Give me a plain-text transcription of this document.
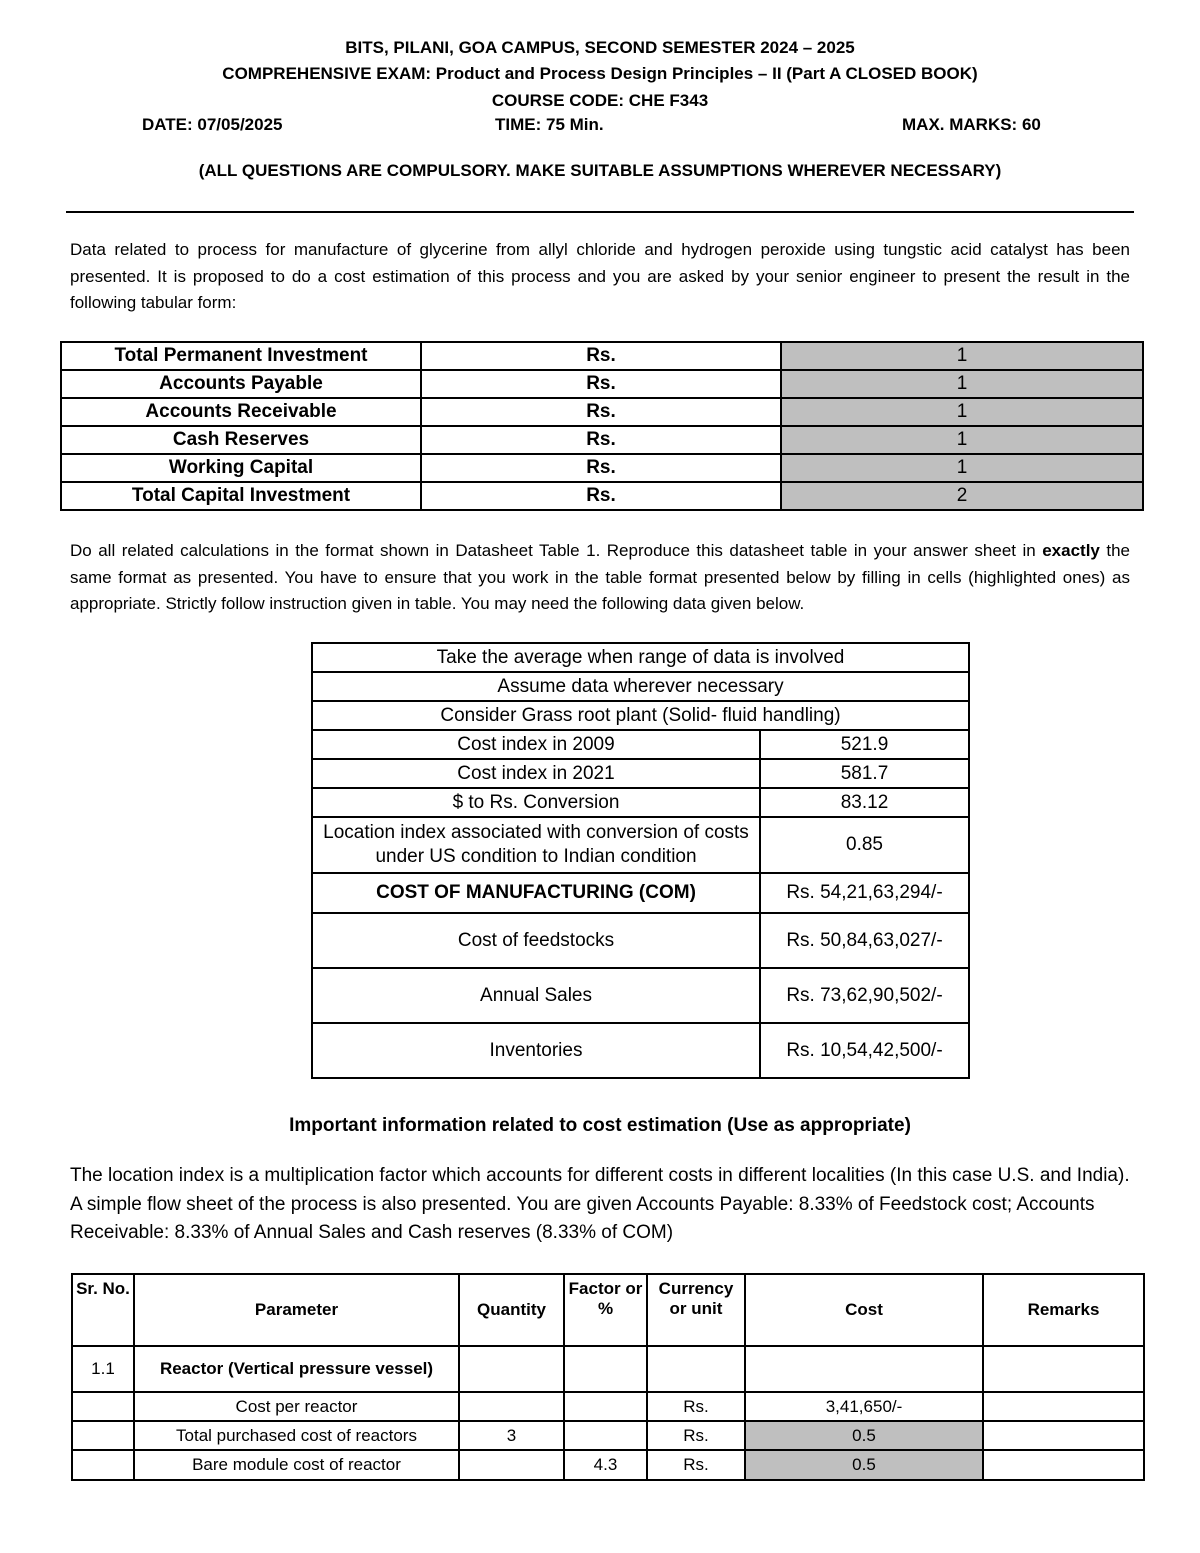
BITS, PILANI, GOA CAMPUS, SECOND SEMESTER 2024 – 2025
COMPREHENSIVE EXAM: Product and Process Design Principles – II (Part A CLOSED BOOK)
COURSE CODE: CHE F343
DATE: 07/05/2025	TIME: 75 Min.	MAX. MARKS: 60
(ALL QUESTIONS ARE COMPULSORY. MAKE SUITABLE ASSUMPTIONS WHEREVER NECESSARY)
Data related to process for manufacture of glycerine from allyl chloride and hydrogen peroxide using tungstic acid catalyst has been presented. It is proposed to do a cost estimation of this process and you are asked by your senior engineer to present the result in the following tabular form:
Total Permanent Investment	Rs.	1
Accounts Payable	Rs.	1
Accounts Receivable	Rs.	1
Cash Reserves	Rs.	1
Working Capital	Rs.	1
Total Capital Investment	Rs.	2
Do all related calculations in the format shown in Datasheet Table 1. Reproduce this datasheet table in your answer sheet in exactly the same format as presented. You have to ensure that you work in the table format presented below by filling in cells (highlighted ones) as appropriate. Strictly follow instruction given in table. You may need the following data given below.
Take the average when range of data is involved	
Assume data wherever necessary	
Consider Grass root plant (Solid- fluid handling)	
Cost index in 2009	521.9
Cost index in 2021	581.7
$ to Rs. Conversion	83.12
Location index associated with conversion of costs under US condition to Indian condition	0.85
COST OF MANUFACTURING (COM)	Rs. 54,21,63,294/-
Cost of feedstocks	Rs. 50,84,63,027/-
Annual Sales	Rs. 73,62,90,502/-
Inventories	Rs. 10,54,42,500/-
Important information related to cost estimation (Use as appropriate)
The location index is a multiplication factor which accounts for different costs in different localities (In this case U.S. and India). A simple flow sheet of the process is also presented. You are given Accounts Payable: 8.33% of Feedstock cost; Accounts Receivable: 8.33% of Annual Sales and Cash reserves (8.33% of COM)
Sr. No.	Parameter	Quantity	Factor or %	Currency or unit	Cost	Remarks
1.1	Reactor (Vertical pressure vessel)					
	Cost per reactor			Rs.	3,41,650/-	
	Total purchased cost of reactors	3		Rs.	0.5	
	Bare module cost of reactor		4.3	Rs.	0.5	
